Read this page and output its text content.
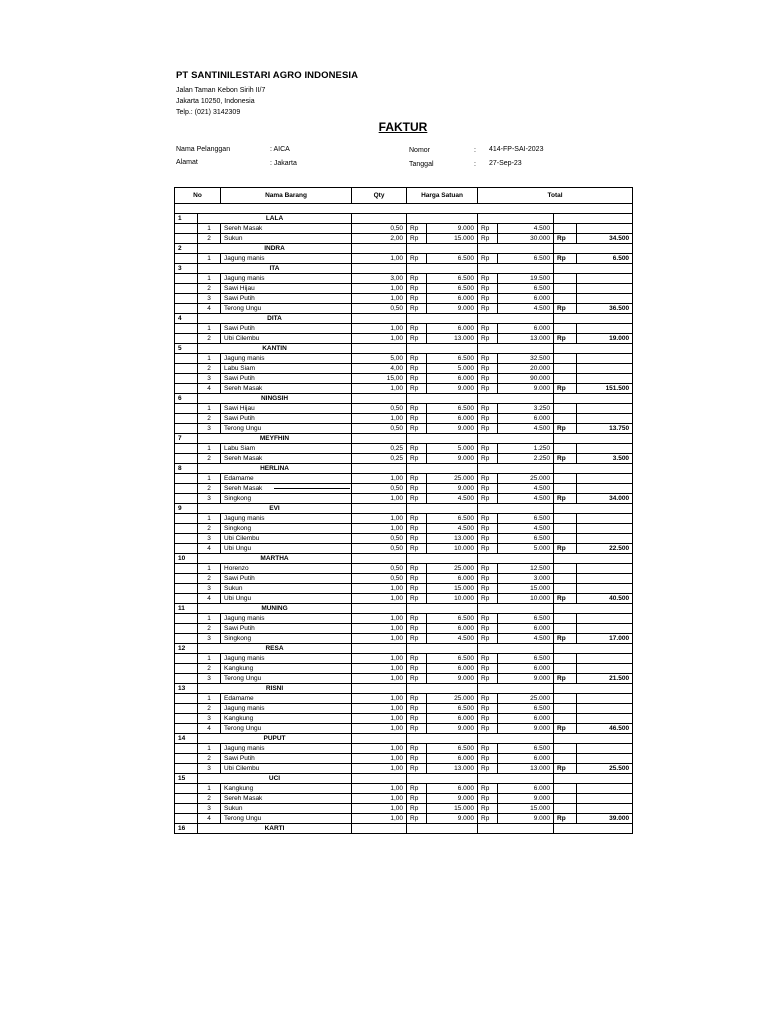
PT SANTINILESTARI AGRO INDONESIA
Jalan Taman Kebon Sirih II/7
Jakarta 10250, Indonesia
Telp.: (021) 3142309
FAKTUR
Nama Pelanggan	: AICA
Alamat	: Jakarta
Nomor	: 414-FP-SAI-2023
Tanggal	: 27-Sep-23
No		Nama Barang	Qty	Harga Satuan		Total			

1	LALA								
	1	Sereh Masak	0,50	Rp	9.000	Rp	4.500		
	2	Sukun	2,00	Rp	15.000	Rp	30.000	Rp	34.500
2	INDRA								
	1	Jagung manis	1,00	Rp	6.500	Rp	6.500	Rp	6.500
3	ITA								
	1	Jagung manis	3,00	Rp	6.500	Rp	19.500		
	2	Sawi Hijau	1,00	Rp	6.500	Rp	6.500		
	3	Sawi Putih	1,00	Rp	6.000	Rp	6.000		
	4	Terong Ungu	0,50	Rp	9.000	Rp	4.500	Rp	36.500
4	DITA								
	1	Sawi Putih	1,00	Rp	6.000	Rp	6.000		
	2	Ubi Cilembu	1,00	Rp	13.000	Rp	13.000	Rp	19.000
5	KANTIN								
	1	Jagung manis	5,00	Rp	6.500	Rp	32.500		
	2	Labu Siam	4,00	Rp	5.000	Rp	20.000		
	3	Sawi Putih	15,00	Rp	6.000	Rp	90.000		
	4	Sereh Masak	1,00	Rp	9.000	Rp	9.000	Rp	151.500
6	NINGSIH								
	1	Sawi Hijau	0,50	Rp	6.500	Rp	3.250		
	2	Sawi Putih	1,00	Rp	6.000	Rp	6.000		
	3	Terong Ungu	0,50	Rp	9.000	Rp	4.500	Rp	13.750
7	MEYFHIN								
	1	Labu Siam	0,25	Rp	5.000	Rp	1.250		
	2	Sereh Masak	0,25	Rp	9.000	Rp	2.250	Rp	3.500
8	HERLINA								
	1	Edamame	1,00	Rp	25.000	Rp	25.000		
	2	Sereh Masak	0,50	Rp	9.000	Rp	4.500		
	3	Singkong	1,00	Rp	4.500	Rp	4.500	Rp	34.000
9	EVI								
	1	Jagung manis	1,00	Rp	6.500	Rp	6.500		
	2	Singkong	1,00	Rp	4.500	Rp	4.500		
	3	Ubi Cilembu	0,50	Rp	13.000	Rp	6.500		
	4	Ubi Ungu	0,50	Rp	10.000	Rp	5.000	Rp	22.500
10	MARTHA								
	1	Horenzo	0,50	Rp	25.000	Rp	12.500		
	2	Sawi Putih	0,50	Rp	6.000	Rp	3.000		
	3	Sukun	1,00	Rp	15.000	Rp	15.000		
	4	Ubi Ungu	1,00	Rp	10.000	Rp	10.000	Rp	40.500
11	MUNING								
	1	Jagung manis	1,00	Rp	6.500	Rp	6.500		
	2	Sawi Putih	1,00	Rp	6.000	Rp	6.000		
	3	Singkong	1,00	Rp	4.500	Rp	4.500	Rp	17.000
12	RESA								
	1	Jagung manis	1,00	Rp	6.500	Rp	6.500		
	2	Kangkung	1,00	Rp	6.000	Rp	6.000		
	3	Terong Ungu	1,00	Rp	9.000	Rp	9.000	Rp	21.500
13	RISNI								
	1	Edamame	1,00	Rp	25.000	Rp	25.000		
	2	Jagung manis	1,00	Rp	6.500	Rp	6.500		
	3	Kangkung	1,00	Rp	6.000	Rp	6.000		
	4	Terong Ungu	1,00	Rp	9.000	Rp	9.000	Rp	46.500
14	PUPUT								
	1	Jagung manis	1,00	Rp	6.500	Rp	6.500		
	2	Sawi Putih	1,00	Rp	6.000	Rp	6.000		
	3	Ubi Cilembu	1,00	Rp	13.000	Rp	13.000	Rp	25.500
15	UCI								
	1	Kangkung	1,00	Rp	6.000	Rp	6.000		
	2	Sereh Masak	1,00	Rp	9.000	Rp	9.000		
	3	Sukun	1,00	Rp	15.000	Rp	15.000		
	4	Terong Ungu	1,00	Rp	9.000	Rp	9.000	Rp	39.000
16	KARTI								
